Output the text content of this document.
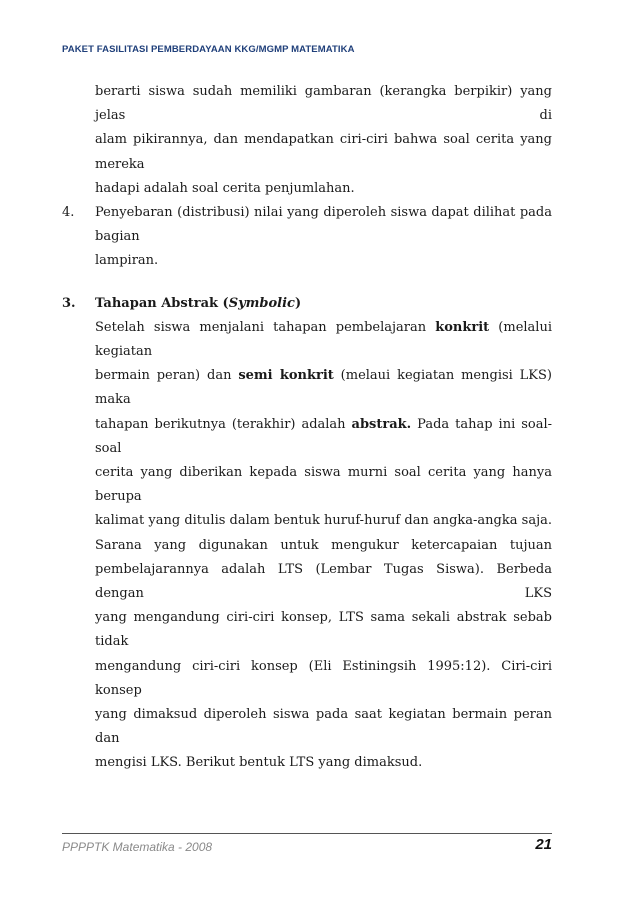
PAKET FASILITASI PEMBERDAYAAN KKG/MGMP MATEMATIKA
berarti siswa sudah memiliki gambaran (kerangka berpikir) yang jelas di
alam pikirannya, dan mendapatkan ciri-ciri bahwa soal cerita yang mereka
hadapi adalah soal cerita penjumlahan.
4.	Penyebaran (distribusi) nilai yang diperoleh siswa dapat dilihat pada bagian
lampiran.
3.	Tahapan Abstrak (Symbolic)
Setelah siswa menjalani tahapan pembelajaran konkrit (melalui kegiatan
bermain peran) dan semi konkrit (melaui kegiatan mengisi LKS) maka
tahapan berikutnya (terakhir) adalah abstrak. Pada tahap ini soal-soal
cerita yang diberikan kepada siswa murni soal cerita yang hanya berupa
kalimat yang ditulis dalam bentuk huruf-huruf dan angka-angka saja.
Sarana yang digunakan untuk mengukur ketercapaian tujuan
pembelajarannya adalah LTS (Lembar Tugas Siswa). Berbeda dengan LKS
yang mengandung ciri-ciri konsep, LTS sama sekali abstrak sebab tidak
mengandung ciri-ciri konsep (Eli Estiningsih 1995:12). Ciri-ciri konsep
yang dimaksud diperoleh siswa pada saat kegiatan bermain peran dan
mengisi LKS. Berikut bentuk LTS yang dimaksud.
PPPPTK Matematika - 2008	21
